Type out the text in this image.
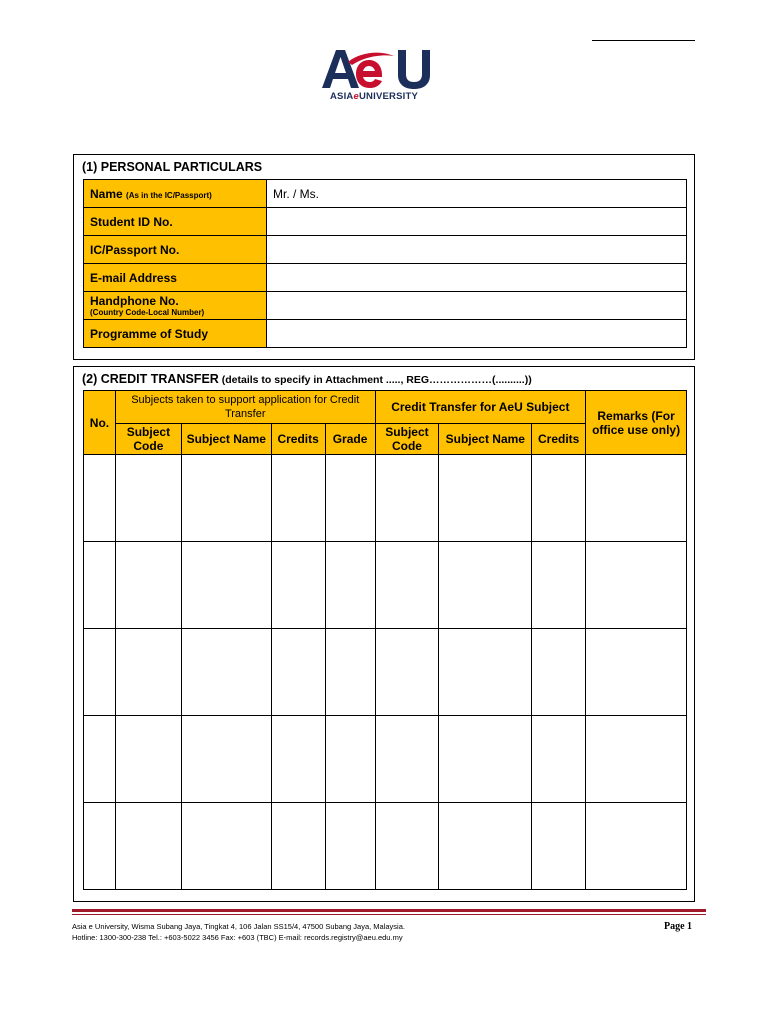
ASIAeUNIVERSITY
(1) PERSONAL PARTICULARS
Name (As in the IC/Passport)	Mr. / Ms.
Student ID No.	
IC/Passport No.	
E-mail Address	
Handphone No.
(Country Code-Local Number)	

Programme of Study	
(2) CREDIT TRANSFER (details to specify in Attachment ....., REG………………(..........))
No.	Subjects taken to support application for Credit Transfer				Credit Transfer for AeU Subject			Remarks (For office use only)
	Subject Code	Subject Name	Credits	Grade	Subject Code	Subject Name	Credits	

Asia e University, Wisma Subang Jaya, Tingkat 4, 106 Jalan SS15/4, 47500 Subang Jaya, Malaysia.
Hotline: 1300-300-238 Tel.: +603-5022 3456 Fax: +603 (TBC) E-mail: records.registry@aeu.edu.my
Page 1
